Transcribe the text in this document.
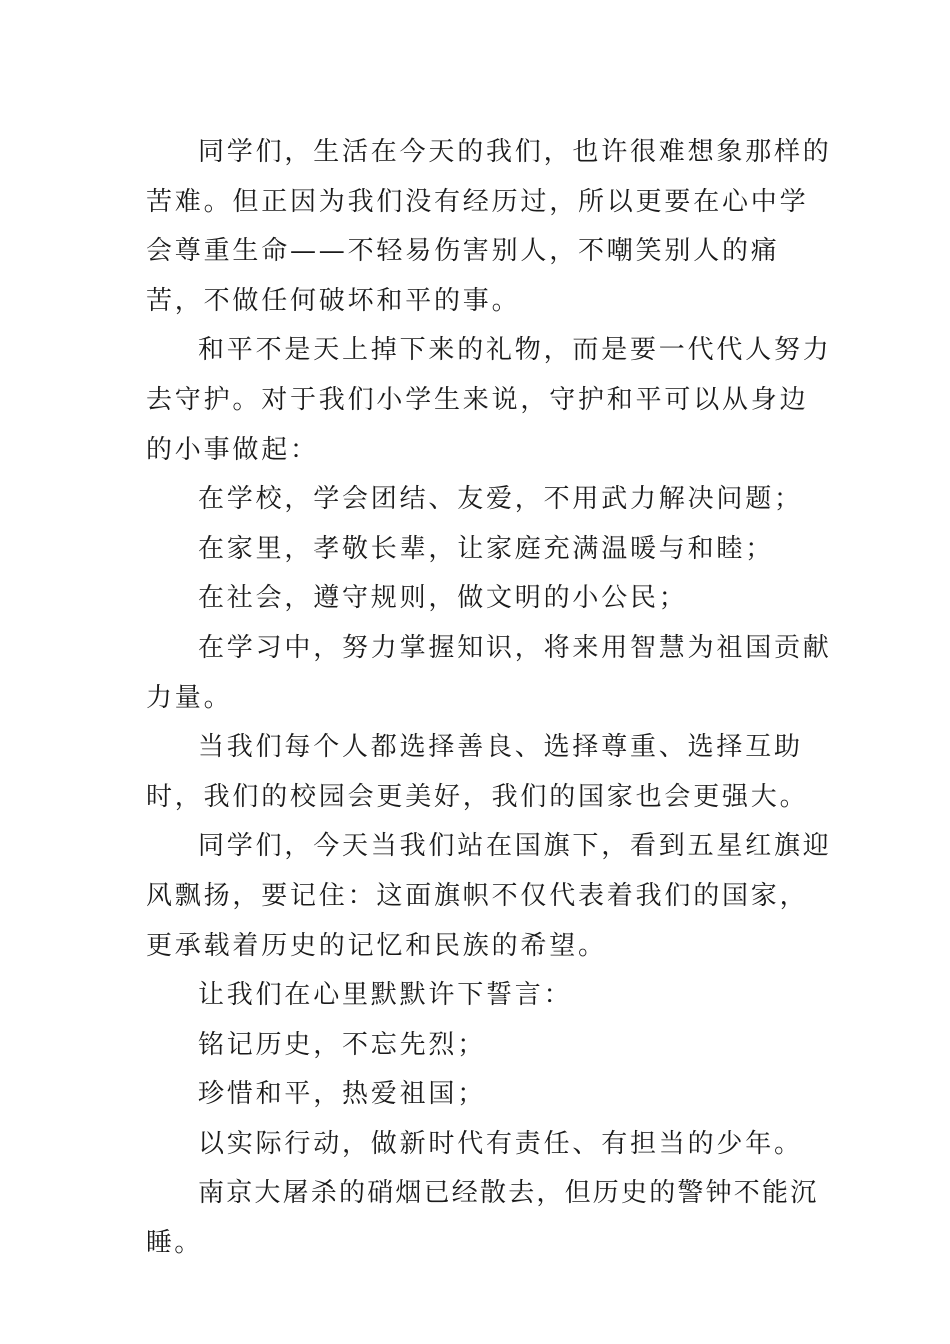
同学们，生活在今天的我们，也许很难想象那样的苦难。但正因为我们没有经历过，所以更要在心中学会尊重生命——不轻易伤害别人，不嘲笑别人的痛苦，不做任何破坏和平的事。

和平不是天上掉下来的礼物，而是要一代代人努力去守护。对于我们小学生来说，守护和平可以从身边的小事做起：

在学校，学会团结、友爱，不用武力解决问题；

在家里，孝敬长辈，让家庭充满温暖与和睦；

在社会，遵守规则，做文明的小公民；

在学习中，努力掌握知识，将来用智慧为祖国贡献力量。

当我们每个人都选择善良、选择尊重、选择互助时，我们的校园会更美好，我们的国家也会更强大。

同学们，今天当我们站在国旗下，看到五星红旗迎风飘扬，要记住：这面旗帜不仅代表着我们的国家，更承载着历史的记忆和民族的希望。

让我们在心里默默许下誓言：

铭记历史，不忘先烈；

珍惜和平，热爱祖国；

以实际行动，做新时代有责任、有担当的少年。

南京大屠杀的硝烟已经散去，但历史的警钟不能沉睡。
